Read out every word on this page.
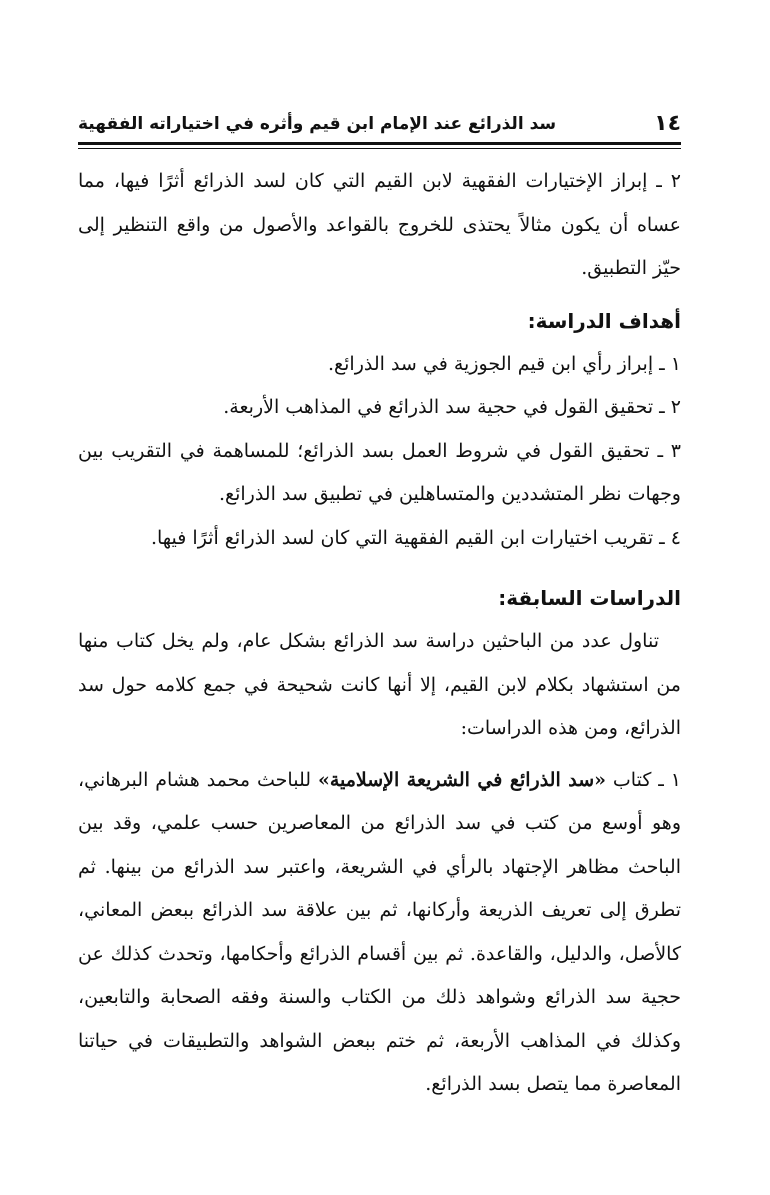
١٤
سد الذرائع عند الإمام ابن قيم وأثره في اختياراته الفقهية

٢ ـ إبراز الإختيارات الفقهية لابن القيم التي كان لسد الذرائع أثرًا فيها، مما عساه أن يكون مثالاً يحتذى للخروج بالقواعد والأصول من واقع التنظير إلى حيّز التطبيق.

أهداف الدراسة:

١ ـ إبراز رأي ابن قيم الجوزية في سد الذرائع.

٢ ـ تحقيق القول في حجية سد الذرائع في المذاهب الأربعة.

٣ ـ تحقيق القول في شروط العمل بسد الذرائع؛ للمساهمة في التقريب بين وجهات نظر المتشددين والمتساهلين في تطبيق سد الذرائع.

٤ ـ تقريب اختيارات ابن القيم الفقهية التي كان لسد الذرائع أثرًا فيها.

الدراسات السابقة:

تناول عدد من الباحثين دراسة سد الذرائع بشكل عام، ولم يخل كتاب منها من استشهاد بكلام لابن القيم، إلا أنها كانت شحيحة في جمع كلامه حول سد الذرائع، ومن هذه الدراسات:

١ ـ كتاب «سد الذرائع في الشريعة الإسلامية» للباحث محمد هشام البرهاني، وهو أوسع من كتب في سد الذرائع من المعاصرين حسب علمي، وقد بين الباحث مظاهر الإجتهاد بالرأي في الشريعة، واعتبر سد الذرائع من بينها. ثم تطرق إلى تعريف الذريعة وأركانها، ثم بين علاقة سد الذرائع ببعض المعاني، كالأصل، والدليل، والقاعدة. ثم بين أقسام الذرائع وأحكامها، وتحدث كذلك عن حجية سد الذرائع وشواهد ذلك من الكتاب والسنة وفقه الصحابة والتابعين، وكذلك في المذاهب الأربعة، ثم ختم ببعض الشواهد والتطبيقات في حياتنا المعاصرة مما يتصل بسد الذرائع.
